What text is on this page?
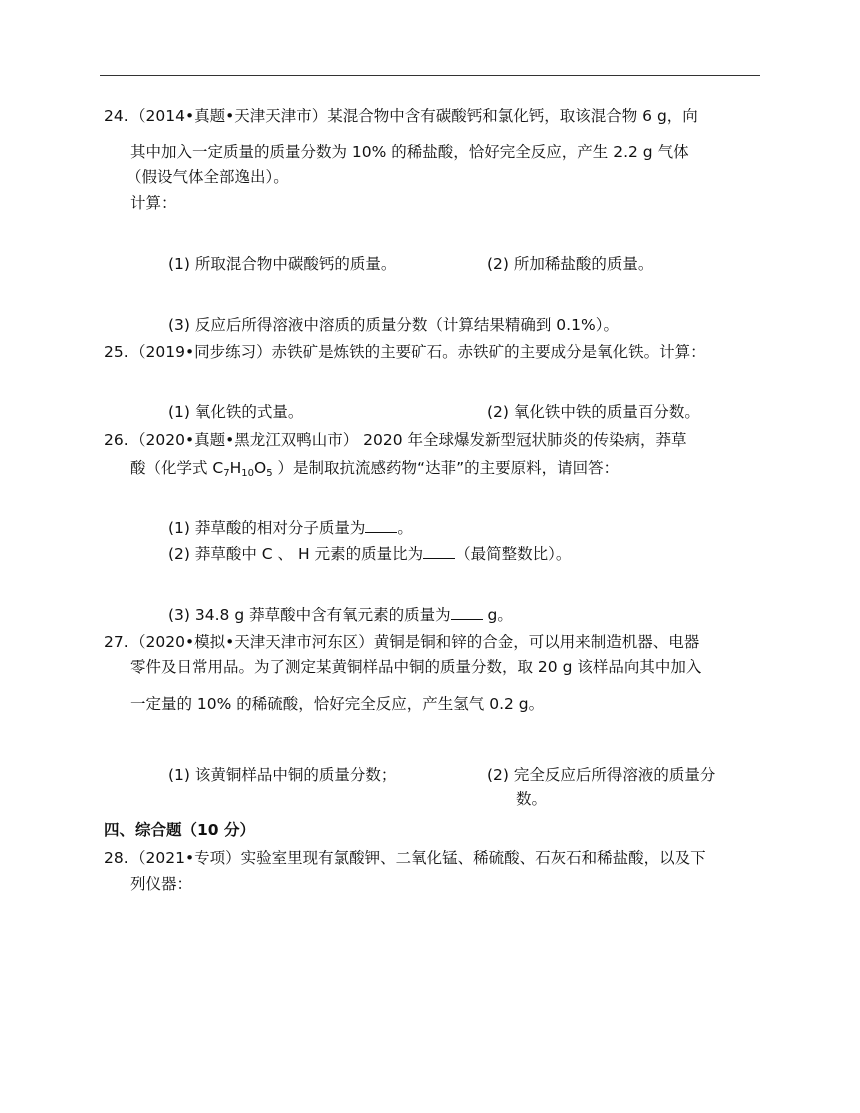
24. （2014•真题•天津天津市）某混合物中含有碳酸钙和氯化钙，取该混合物 6 g，向
其中加入一定质量的质量分数为 10% 的稀盐酸，恰好完全反应，产生 2.2 g 气体
（假设气体全部逸出）。
计算：
(1) 所取混合物中碳酸钙的质量。	(2) 所加稀盐酸的质量。
(3) 反应后所得溶液中溶质的质量分数（计算结果精确到 0.1%）。
25. （2019•同步练习）赤铁矿是炼铁的主要矿石。赤铁矿的主要成分是氧化铁。计算：
(1) 氧化铁的式量。	(2) 氧化铁中铁的质量百分数。
26. （2020•真题•黑龙江双鸭山市） 2020 年全球爆发新型冠状肺炎的传染病，莽草
酸（化学式 $C_7H_{10}O_5$ ）是制取抗流感药物“达菲”的主要原料，请回答：
(1) 莽草酸的相对分子质量为 。
(2) 莽草酸中 C 、 H 元素的质量比为 （最简整数比）。
(3) 34.8 g 莽草酸中含有氧元素的质量为 g。
27. （2020•模拟•天津天津市河东区）黄铜是铜和锌的合金，可以用来制造机器、电器
零件及日常用品。为了测定某黄铜样品中铜的质量分数，取 20 g 该样品向其中加入
一定量的 10% 的稀硫酸，恰好完全反应，产生氢气 0.2 g。
(1) 该黄铜样品中铜的质量分数；	(2) 完全反应后所得溶液的质量分
数。
四、综合题（10 分）
28. （2021•专项）实验室里现有氯酸钾、二氧化锰、稀硫酸、石灰石和稀盐酸，以及下
列仪器：
